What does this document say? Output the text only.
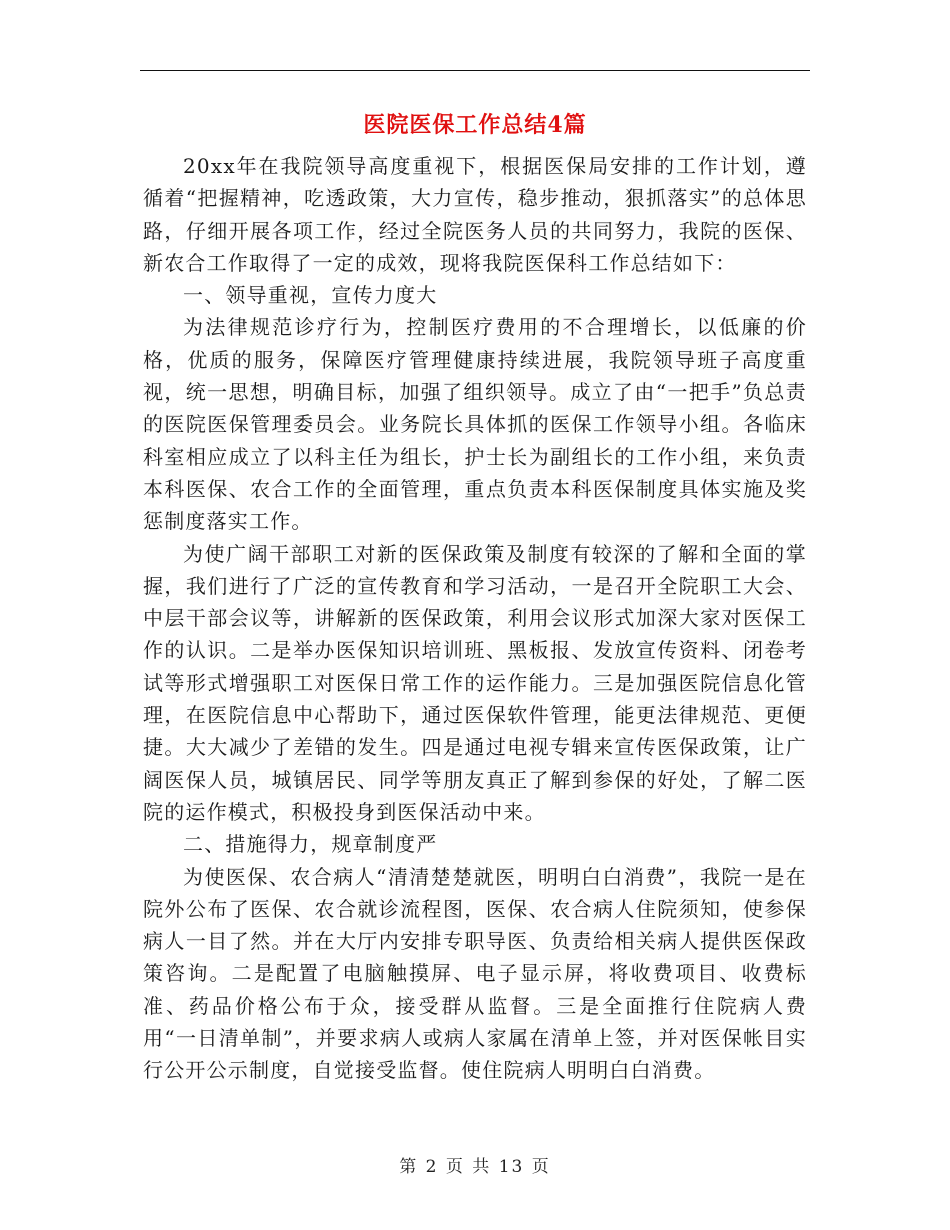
医院医保工作总结4篇

20xx年在我院领导高度重视下，根据医保局安排的工作计划，遵循着“把握精神，吃透政策，大力宣传，稳步推动，狠抓落实”的总体思路，仔细开展各项工作，经过全院医务人员的共同努力，我院的医保、新农合工作取得了一定的成效，现将我院医保科工作总结如下：

一、领导重视，宣传力度大

为法律规范诊疗行为，控制医疗费用的不合理增长，以低廉的价格，优质的服务，保障医疗管理健康持续进展，我院领导班子高度重视，统一思想，明确目标，加强了组织领导。成立了由“一把手”负总责的医院医保管理委员会。业务院长具体抓的医保工作领导小组。各临床科室相应成立了以科主任为组长，护士长为副组长的工作小组，来负责本科医保、农合工作的全面管理，重点负责本科医保制度具体实施及奖惩制度落实工作。

为使广阔干部职工对新的医保政策及制度有较深的了解和全面的掌握，我们进行了广泛的宣传教育和学习活动，一是召开全院职工大会、中层干部会议等，讲解新的医保政策，利用会议形式加深大家对医保工作的认识。二是举办医保知识培训班、黑板报、发放宣传资料、闭卷考试等形式增强职工对医保日常工作的运作能力。三是加强医院信息化管理，在医院信息中心帮助下，通过医保软件管理，能更法律规范、更便捷。大大减少了差错的发生。四是通过电视专辑来宣传医保政策，让广阔医保人员，城镇居民、同学等朋友真正了解到参保的好处，了解二医院的运作模式，积极投身到医保活动中来。

二、措施得力，规章制度严

为使医保、农合病人“清清楚楚就医，明明白白消费”，我院一是在院外公布了医保、农合就诊流程图，医保、农合病人住院须知，使参保病人一目了然。并在大厅内安排专职导医、负责给相关病人提供医保政策咨询。二是配置了电脑触摸屏、电子显示屏，将收费项目、收费标准、药品价格公布于众，接受群从监督。三是全面推行住院病人费用“一日清单制”，并要求病人或病人家属在清单上签，并对医保帐目实行公开公示制度，自觉接受监督。使住院病人明明白白消费。

第 2 页 共 13 页
